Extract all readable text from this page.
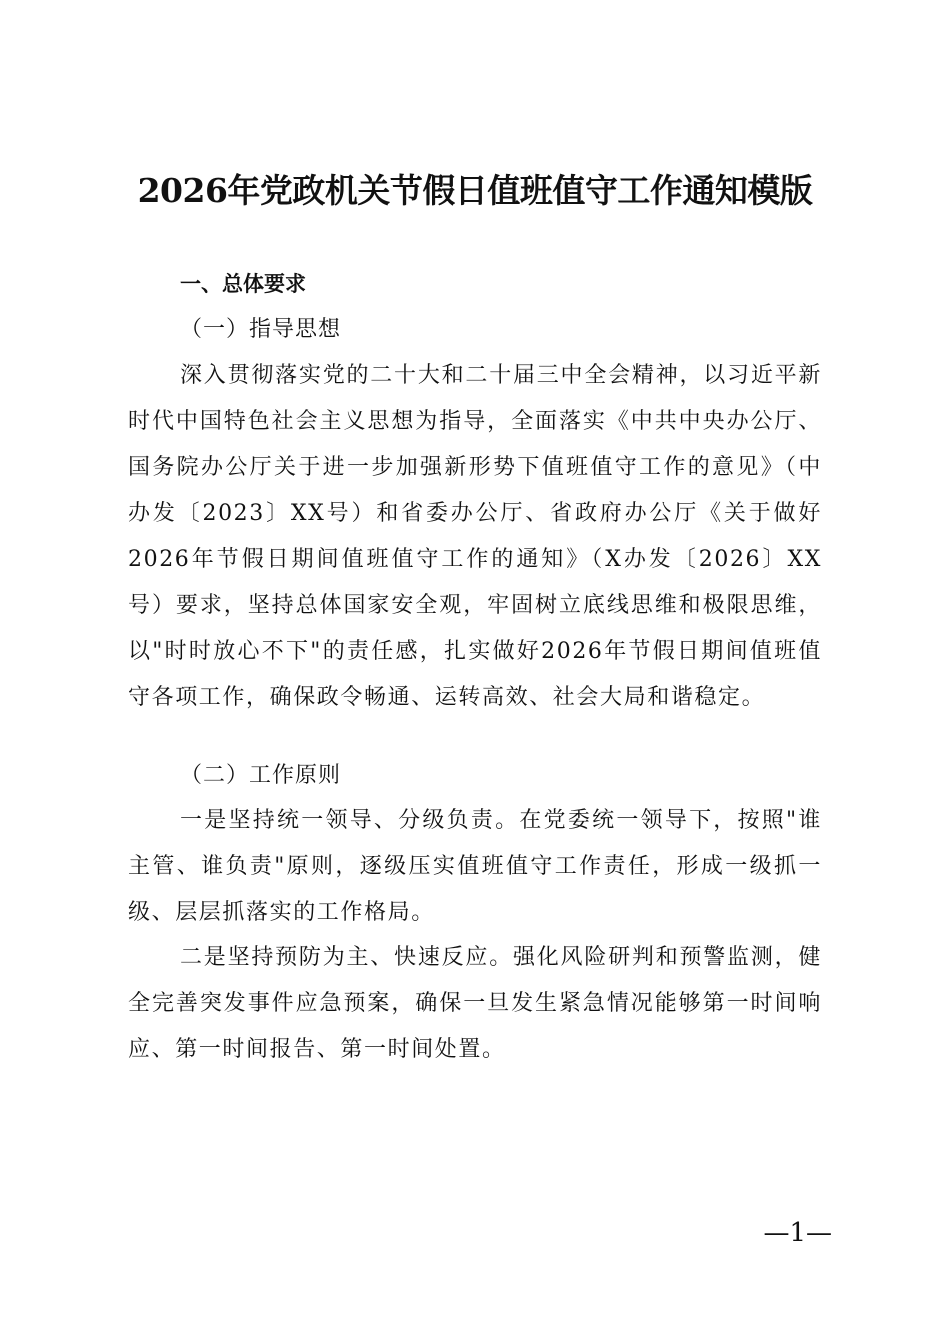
2026年党政机关节假日值班值守工作通知模版
一、总体要求
（一）指导思想
深入贯彻落实党的二十大和二十届三中全会精神，以习近平新时代中国特色社会主义思想为指导，全面落实《中共中央办公厅、国务院办公厅关于进一步加强新形势下值班值守工作的意见》（中办发〔2023〕XX号）和省委办公厅、省政府办公厅《关于做好2026年节假日期间值班值守工作的通知》（X办发〔2026〕XX号）要求，坚持总体国家安全观，牢固树立底线思维和极限思维，以"时时放心不下"的责任感，扎实做好2026年节假日期间值班值守各项工作，确保政令畅通、运转高效、社会大局和谐稳定。
（二）工作原则
一是坚持统一领导、分级负责。在党委统一领导下，按照"谁主管、谁负责"原则，逐级压实值班值守工作责任，形成一级抓一级、层层抓落实的工作格局。
二是坚持预防为主、快速反应。强化风险研判和预警监测，健全完善突发事件应急预案，确保一旦发生紧急情况能够第一时间响应、第一时间报告、第一时间处置。
—1—
